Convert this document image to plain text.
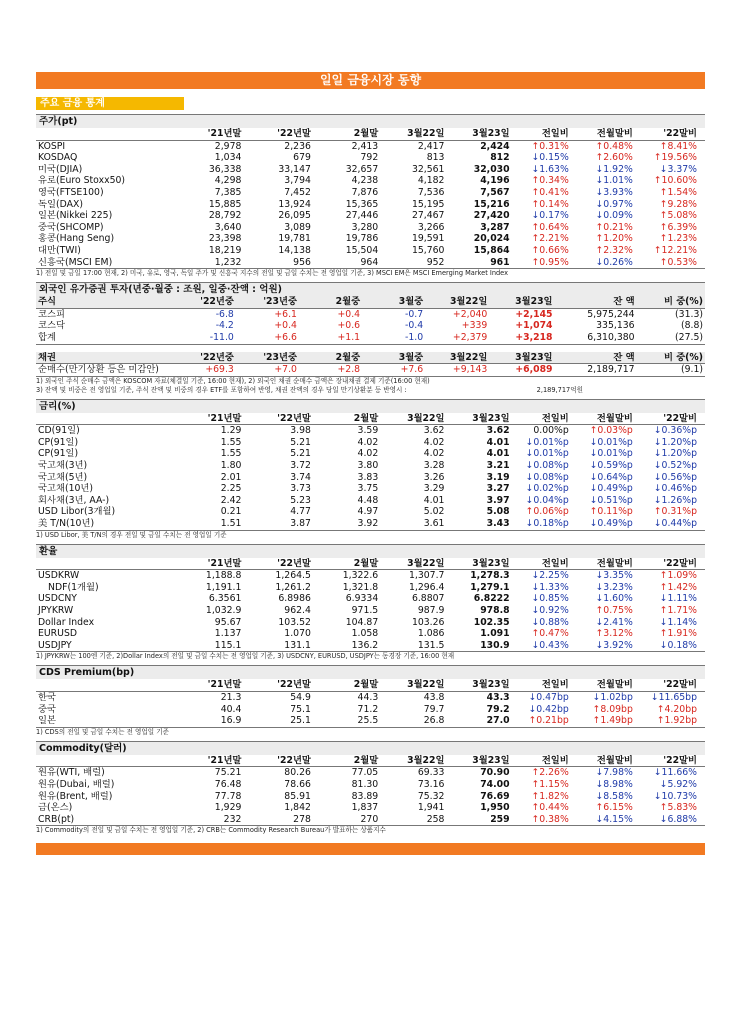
일일 금융시장 동향
주요 금융 통계
주가(pt)
	'21년말	'22년말	2월말	3월22일	3월23일	전일비	전월말비	'22말비
KOSPI	2,978	2,236	2,413	2,417	2,424	↑0.31%	↑0.48%	↑8.41%
KOSDAQ	1,034	679	792	813	812	↓0.15%	↑2.60%	↑19.56%
미국(DJIA)	36,338	33,147	32,657	32,561	32,030	↓1.63%	↓1.92%	↓3.37%
유로(Euro Stoxx50)	4,298	3,794	4,238	4,182	4,196	↑0.34%	↓1.01%	↑10.60%
영국(FTSE100)	7,385	7,452	7,876	7,536	7,567	↑0.41%	↓3.93%	↑1.54%
독일(DAX)	15,885	13,924	15,365	15,195	15,216	↑0.14%	↓0.97%	↑9.28%
일본(Nikkei 225)	28,792	26,095	27,446	27,467	27,420	↓0.17%	↓0.09%	↑5.08%
중국(SHCOMP)	3,640	3,089	3,280	3,266	3,287	↑0.64%	↑0.21%	↑6.39%
홍콩(Hang Seng)	23,398	19,781	19,786	19,591	20,024	↑2.21%	↑1.20%	↑1.23%
대만(TWI)	18,219	14,138	15,504	15,760	15,864	↑0.66%	↑2.32%	↑12.21%
신흥국(MSCI EM)	1,232	956	964	952	961	↑0.95%	↓0.26%	↑0.53%
1) 전일 및 금일 17:00 현재, 2) 미국, 유로, 영국, 독일 주가 및 신흥국 지수의 전일 및 금일 수치는 전 영업일 기준, 3) MSCI EM은 MSCI Emerging Market Index
외국인 유가증권 투자(년중·월중 : 조원, 일중·잔액 : 억원)
주식	'22년중	'23년중	2월중	3월중	3월22일	3월23일	잔 액	비 중(%)
코스피	-6.8	+6.1	+0.4	-0.7	+2,040	+2,145	5,975,244	(31.3)
코스닥	-4.2	+0.4	+0.6	-0.4	+339	+1,074	335,136	(8.8)
합계	-11.0	+6.6	+1.1	-1.0	+2,379	+3,218	6,310,380	(27.5)
채권	'22년중	'23년중	2월중	3월중	3월22일	3월23일	잔 액	비 중(%)
순매수(만기상환 등은 미감안)	+69.3	+7.0	+2.8	+7.6	+9,143	+6,089	2,189,717	(9.1)
1) 외국인 주식 순매수 금액은 KOSCOM 자료(체결일 기준, 16:00 현재), 2) 외국인 채권 순매수 금액은 장내채권 결제 기준(16:00 현재)
3) 잔액 및 비중은 전 영업일 기준, 주식 잔액 및 비중의 경우 ETF를 포함하여 반영, 채권 잔액의 경우 당일 만기상환분 등 반영시 :	2,189,717억원
금리(%)
	'21년말	'22년말	2월말	3월22일	3월23일	전일비	전월말비	'22말비
CD(91일)	1.29	3.98	3.59	3.62	3.62	0.00%p	↑0.03%p	↓0.36%p
CP(91일)	1.55	5.21	4.02	4.02	4.01	↓0.01%p	↓0.01%p	↓1.20%p
CP(91일)	1.55	5.21	4.02	4.02	4.01	↓0.01%p	↓0.01%p	↓1.20%p
국고채(3년)	1.80	3.72	3.80	3.28	3.21	↓0.08%p	↓0.59%p	↓0.52%p
국고채(5년)	2.01	3.74	3.83	3.26	3.19	↓0.08%p	↓0.64%p	↓0.56%p
국고채(10년)	2.25	3.73	3.75	3.29	3.27	↓0.02%p	↓0.49%p	↓0.46%p
회사채(3년, AA-)	2.42	5.23	4.48	4.01	3.97	↓0.04%p	↓0.51%p	↓1.26%p
USD Libor(3개월)	0.21	4.77	4.97	5.02	5.08	↑0.06%p	↑0.11%p	↑0.31%p
美 T/N(10년)	1.51	3.87	3.92	3.61	3.43	↓0.18%p	↓0.49%p	↓0.44%p
1) USD Libor, 美 T/N의 경우 전일 및 금일 수치는 전 영업일 기준
환율
	'21년말	'22년말	2월말	3월22일	3월23일	전일비	전월말비	'22말비
USDKRW	1,188.8	1,264.5	1,322.6	1,307.7	1,278.3	↓2.25%	↓3.35%	↑1.09%
NDF(1개월)	1,191.1	1,261.2	1,321.8	1,296.4	1,279.1	↓1.33%	↓3.23%	↑1.42%
USDCNY	6.3561	6.8986	6.9334	6.8807	6.8222	↓0.85%	↓1.60%	↓1.11%
JPYKRW	1,032.9	962.4	971.5	987.9	978.8	↓0.92%	↑0.75%	↑1.71%
Dollar Index	95.67	103.52	104.87	103.26	102.35	↓0.88%	↓2.41%	↓1.14%
EURUSD	1.137	1.070	1.058	1.086	1.091	↑0.47%	↑3.12%	↑1.91%
USDJPY	115.1	131.1	136.2	131.5	130.9	↓0.43%	↓3.92%	↓0.18%
1) JPYKRW는 100엔 기준, 2)Dollar Index의 전일 및 금일 수치는 전 영업일 기준, 3) USDCNY, EURUSD, USDJPY는 동경장 기준, 16:00 현재
CDS Premium(bp)
	'21년말	'22년말	2월말	3월22일	3월23일	전일비	전월말비	'22말비
한국	21.3	54.9	44.3	43.8	43.3	↓0.47bp	↓1.02bp	↓11.65bp
중국	40.4	75.1	71.2	79.7	79.2	↓0.42bp	↑8.09bp	↑4.20bp
일본	16.9	25.1	25.5	26.8	27.0	↑0.21bp	↑1.49bp	↑1.92bp
1) CDS의 전일 및 금일 수치는 전 영업일 기준
Commodity(달러)
	'21년말	'22년말	2월말	3월22일	3월23일	전일비	전월말비	'22말비
원유(WTI, 배럴)	75.21	80.26	77.05	69.33	70.90	↑2.26%	↓7.98%	↓11.66%
원유(Dubai, 배럴)	76.48	78.66	81.30	73.16	74.00	↑1.15%	↓8.98%	↓5.92%
원유(Brent, 배럴)	77.78	85.91	83.89	75.32	76.69	↑1.82%	↓8.58%	↓10.73%
금(온스)	1,929	1,842	1,837	1,941	1,950	↑0.44%	↑6.15%	↑5.83%
CRB(pt)	232	278	270	258	259	↑0.38%	↓4.15%	↓6.88%
1) Commodity의 전일 및 금일 수치는 전 영업일 기준, 2) CRB는 Commodity Research Bureau가 발표하는 상품지수
